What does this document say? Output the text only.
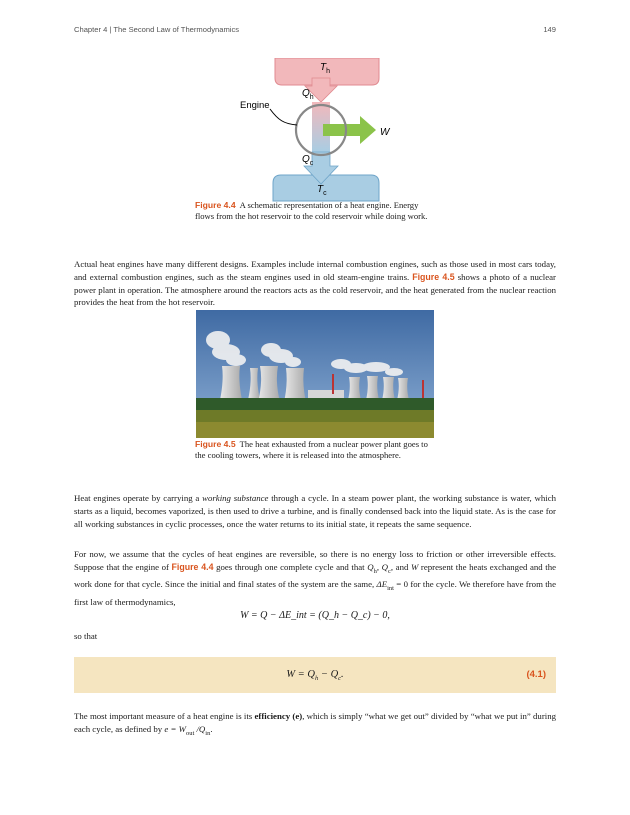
Chapter 4 | The Second Law of Thermodynamics	149
$T_h$
$Q_h$
Engine
W
$Q_c$
$T_c$
Figure 4.4 A schematic representation of a heat engine. Energy flows from the hot reservoir to the cold reservoir while doing work.
Actual heat engines have many different designs. Examples include internal combustion engines, such as those used in most cars today, and external combustion engines, such as the steam engines used in old steam-engine trains. Figure 4.5 shows a photo of a nuclear power plant in operation. The atmosphere around the reactors acts as the cold reservoir, and the heat generated from the nuclear reaction provides the heat from the hot reservoir.
Figure 4.5 The heat exhausted from a nuclear power plant goes to the cooling towers, where it is released into the atmosphere.
Heat engines operate by carrying a working substance through a cycle. In a steam power plant, the working substance is water, which starts as a liquid, becomes vaporized, is then used to drive a turbine, and is finally condensed back into the liquid state. As is the case for all working substances in cyclic processes, once the water returns to its initial state, it repeats the same sequence.
For now, we assume that the cycles of heat engines are reversible, so there is no energy loss to friction or other irreversible effects. Suppose that the engine of Figure 4.4 goes through one complete cycle and that $Q_h$, $Q_c$, and W represent the heats exchanged and the work done for that cycle. Since the initial and final states of the system are the same, $\Delta E_{int} = 0$ for the cycle. We therefore have from the first law of thermodynamics,
W = Q − ΔE_int = (Q_h − Q_c) − 0,
so that
$W = Q_h - Q_c$.	(4.1)
The most important measure of a heat engine is its efficiency (e), which is simply “what we get out” divided by “what we put in” during each cycle, as defined by $e = W_{out}$ $/Q_{in}$.
